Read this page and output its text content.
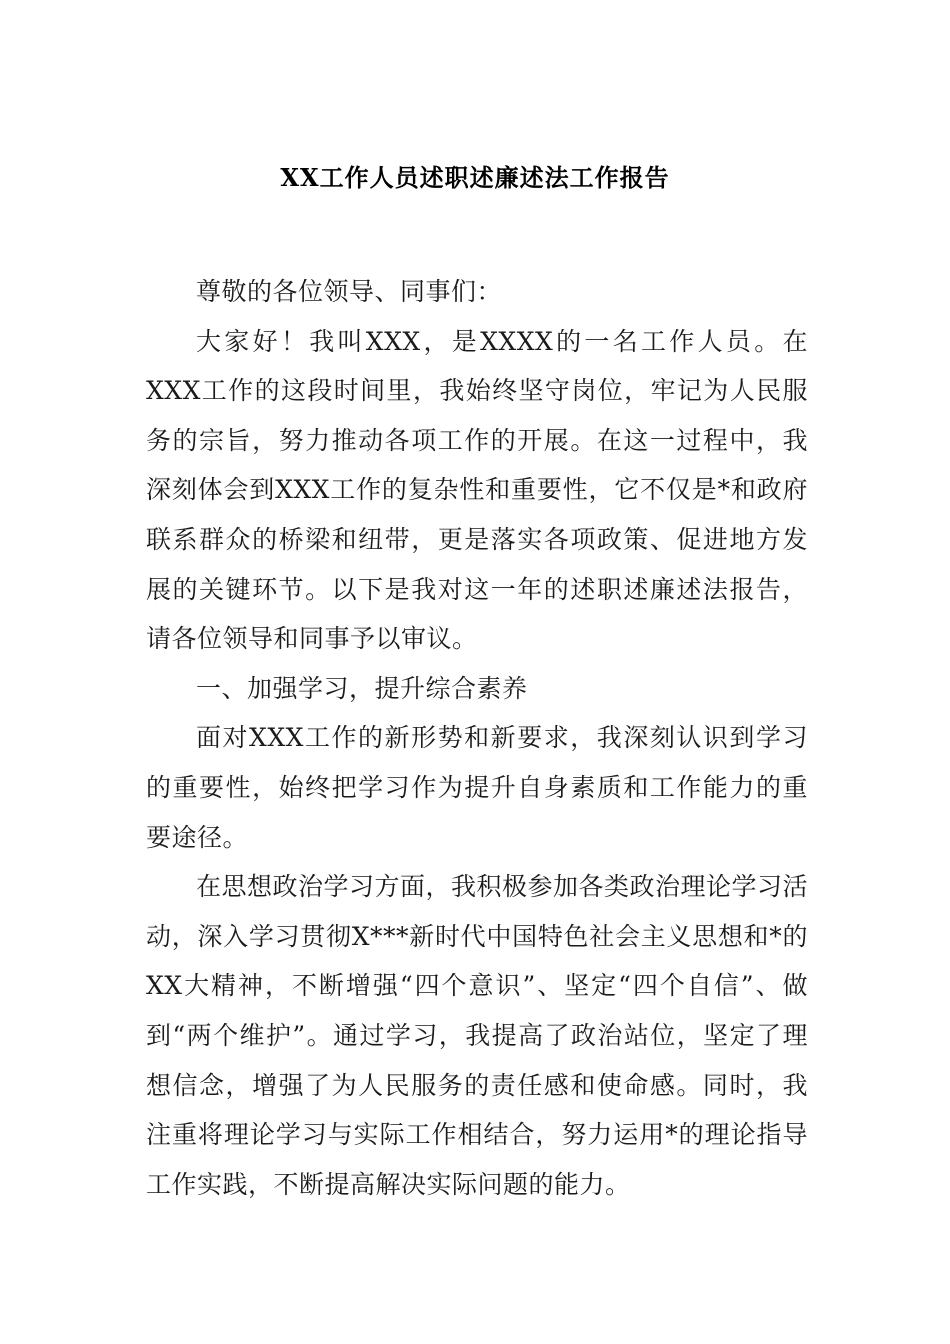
XX工作人员述职述廉述法工作报告

尊敬的各位领导、同事们：

大家好！我叫XXX，是XXXX的一名工作人员。在XXX工作的这段时间里，我始终坚守岗位，牢记为人民服务的宗旨，努力推动各项工作的开展。在这一过程中，我深刻体会到XXX工作的复杂性和重要性，它不仅是*和政府联系群众的桥梁和纽带，更是落实各项政策、促进地方发展的关键环节。以下是我对这一年的述职述廉述法报告，请各位领导和同事予以审议。

一、加强学习，提升综合素养

面对XXX工作的新形势和新要求，我深刻认识到学习的重要性，始终把学习作为提升自身素质和工作能力的重要途径。

在思想政治学习方面，我积极参加各类政治理论学习活动，深入学习贯彻X***新时代中国特色社会主义思想和*的XX大精神，不断增强“四个意识”、坚定“四个自信”、做到“两个维护”。通过学习，我提高了政治站位，坚定了理想信念，增强了为人民服务的责任感和使命感。同时，我注重将理论学习与实际工作相结合，努力运用*的理论指导工作实践，不断提高解决实际问题的能力。
